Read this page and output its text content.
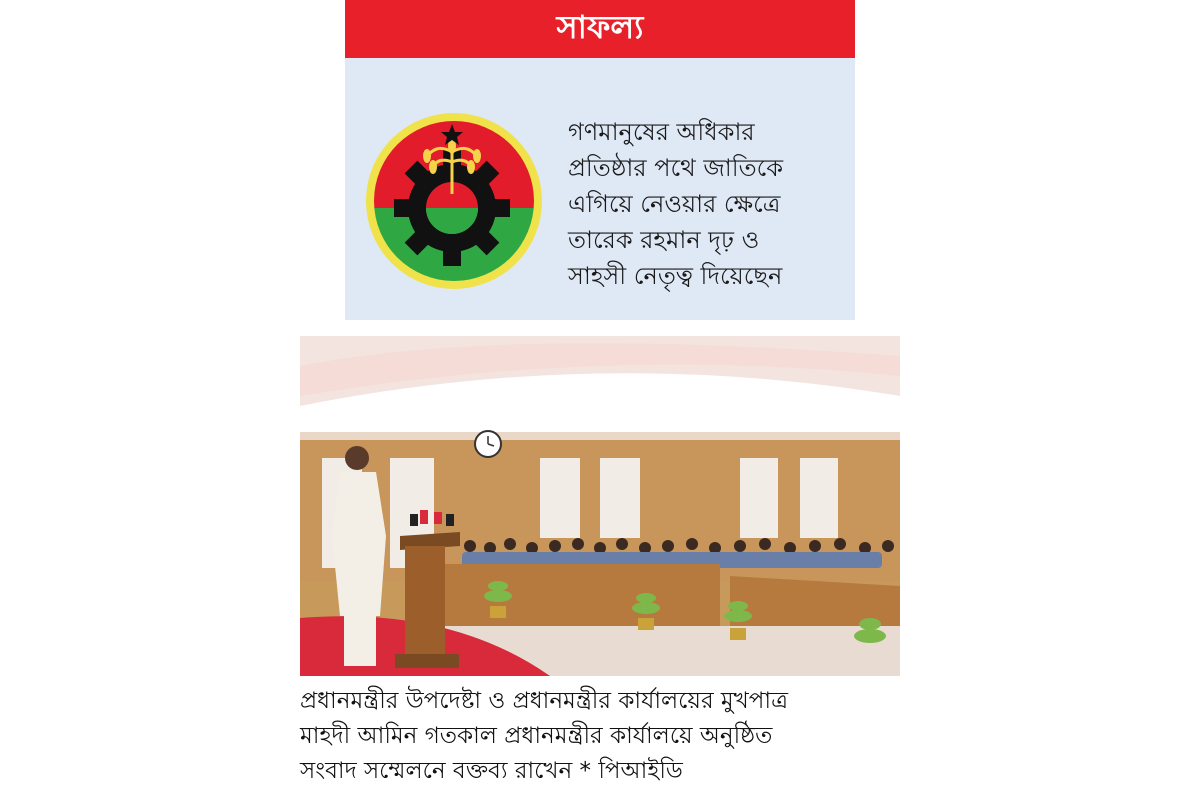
সাফল্য
গণমানুষের অধিকার
প্রতিষ্ঠার পথে জাতিকে
এগিয়ে নেওয়ার ক্ষেত্রে
তারেক রহমান দৃঢ় ও
সাহসী নেতৃত্ব দিয়েছেন
প্রধানমন্ত্রীর উপদেষ্টা ও প্রধানমন্ত্রীর কার্যালয়ের মুখপাত্র
মাহদী আমিন গতকাল প্রধানমন্ত্রীর কার্যালয়ে অনুষ্ঠিত
সংবাদ সম্মেলনে বক্তব্য রাখেন * পিআইডি
